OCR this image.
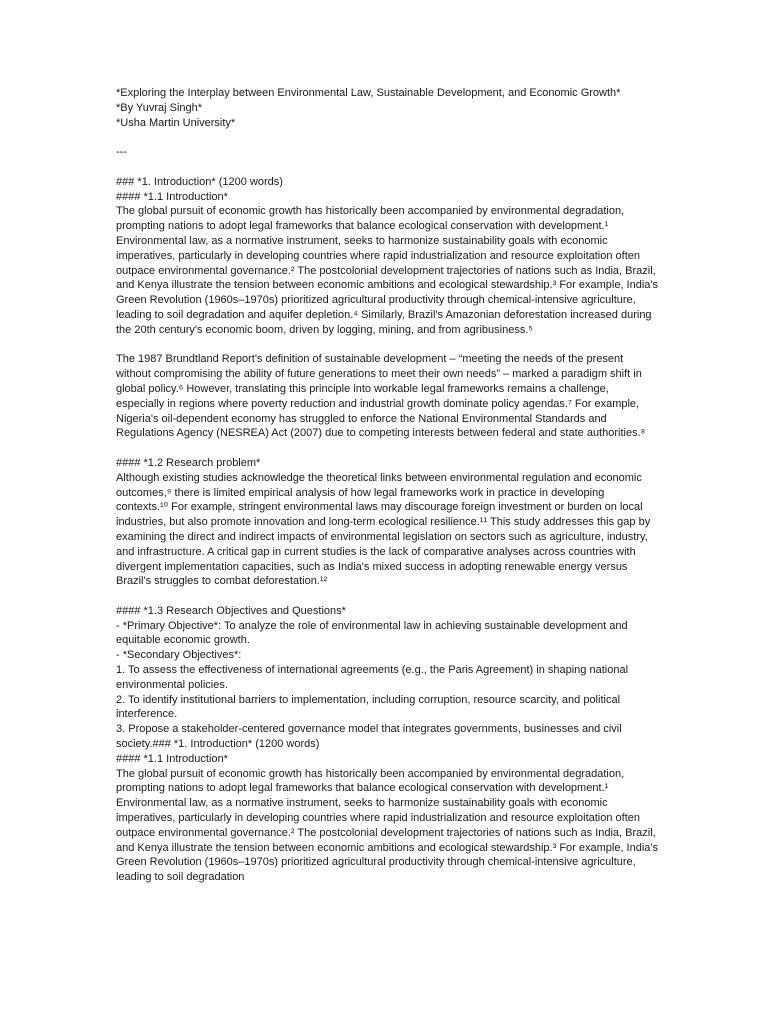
*Exploring the Interplay between Environmental Law, Sustainable Development, and Economic Growth*

*By Yuvraj Singh*

*Usha Martin University*

---

### *1. Introduction* (1200 words)

#### *1.1 Introduction*

The global pursuit of economic growth has historically been accompanied by environmental degradation, prompting nations to adopt legal frameworks that balance ecological conservation with development.¹ Environmental law, as a normative instrument, seeks to harmonize sustainability goals with economic imperatives, particularly in developing countries where rapid industrialization and resource exploitation often outpace environmental governance.² The postcolonial development trajectories of nations such as India, Brazil, and Kenya illustrate the tension between economic ambitions and ecological stewardship.³ For example, India's Green Revolution (1960s–1970s) prioritized agricultural productivity through chemical-intensive agriculture, leading to soil degradation and aquifer depletion.⁴ Similarly, Brazil's Amazonian deforestation increased during the 20th century's economic boom, driven by logging, mining, and from agribusiness.⁵

The 1987 Brundtland Report's definition of sustainable development – “meeting the needs of the present without compromising the ability of future generations to meet their own needs” – marked a paradigm shift in global policy.⁶ However, translating this principle into workable legal frameworks remains a challenge, especially in regions where poverty reduction and industrial growth dominate policy agendas.⁷ For example, Nigeria's oil-dependent economy has struggled to enforce the National Environmental Standards and Regulations Agency (NESREA) Act (2007) due to competing interests between federal and state authorities.⁸

#### *1.2 Research problem*

Although existing studies acknowledge the theoretical links between environmental regulation and economic outcomes,⁹ there is limited empirical analysis of how legal frameworks work in practice in developing contexts.¹⁰ For example, stringent environmental laws may discourage foreign investment or burden on local industries, but also promote innovation and long-term ecological resilience.¹¹ This study addresses this gap by examining the direct and indirect impacts of environmental legislation on sectors such as agriculture, industry, and infrastructure. A critical gap in current studies is the lack of comparative analyses across countries with divergent implementation capacities, such as India's mixed success in adopting renewable energy versus Brazil's struggles to combat deforestation.¹²

#### *1.3 Research Objectives and Questions*

- *Primary Objective*: To analyze the role of environmental law in achieving sustainable development and equitable economic growth.

- *Secondary Objectives*:

1. To assess the effectiveness of international agreements (e.g., the Paris Agreement) in shaping national environmental policies.

2. To identify institutional barriers to implementation, including corruption, resource scarcity, and political interference.

3. Propose a stakeholder-centered governance model that integrates governments, businesses and civil society.### *1. Introduction* (1200 words)

#### *1.1 Introduction*

The global pursuit of economic growth has historically been accompanied by environmental degradation, prompting nations to adopt legal frameworks that balance ecological conservation with development.¹ Environmental law, as a normative instrument, seeks to harmonize sustainability goals with economic imperatives, particularly in developing countries where rapid industrialization and resource exploitation often outpace environmental governance.² The postcolonial development trajectories of nations such as India, Brazil, and Kenya illustrate the tension between economic ambitions and ecological stewardship.³ For example, India's Green Revolution (1960s–1970s) prioritized agricultural productivity through chemical-intensive agriculture, leading to soil degradation
